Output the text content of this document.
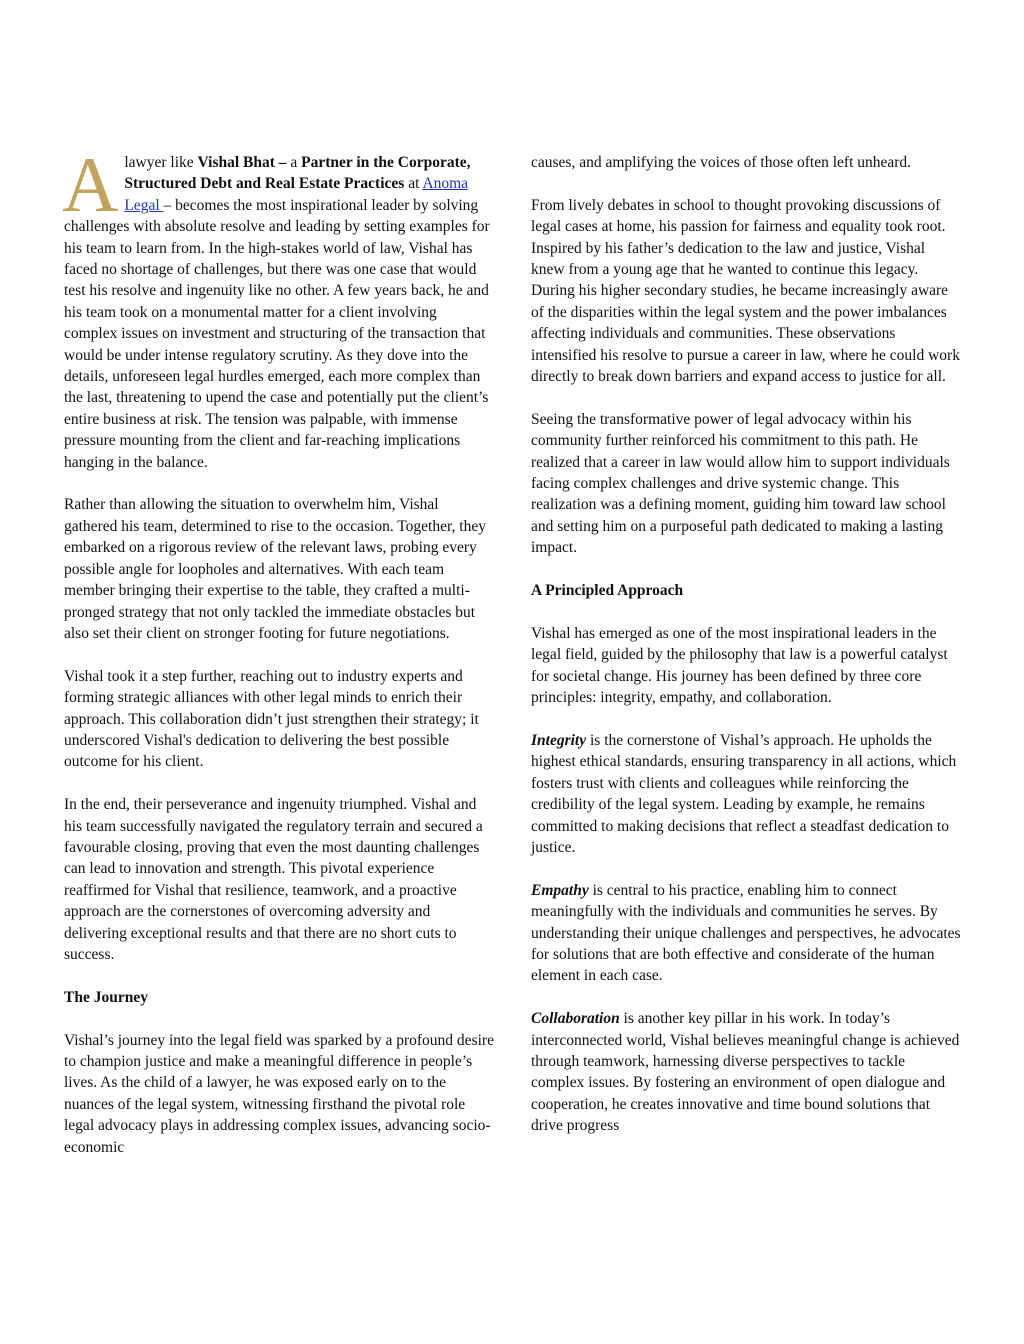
Alawyer like Vishal Bhat – a Partner in the Corporate, Structured Debt and Real Estate Practices at Anoma Legal – becomes the most inspirational leader by solving challenges with absolute resolve and leading by setting examples for his team to learn from. In the high-stakes world of law, Vishal has faced no shortage of challenges, but there was one case that would test his resolve and ingenuity like no other. A few years back, he and his team took on a monumental matter for a client involving complex issues on investment and structuring of the transaction that would be under intense regulatory scrutiny. As they dove into the details, unforeseen legal hurdles emerged, each more complex than the last, threatening to upend the case and potentially put the client’s entire business at risk. The tension was palpable, with immense pressure mounting from the client and far-reaching implications hanging in the balance.

Rather than allowing the situation to overwhelm him, Vishal gathered his team, determined to rise to the occasion. Together, they embarked on a rigorous review of the relevant laws, probing every possible angle for loopholes and alternatives. With each team member bringing their expertise to the table, they crafted a multi-pronged strategy that not only tackled the immediate obstacles but also set their client on stronger footing for future negotiations.

Vishal took it a step further, reaching out to industry experts and forming strategic alliances with other legal minds to enrich their approach. This collaboration didn’t just strengthen their strategy; it underscored Vishal's dedication to delivering the best possible outcome for his client.

In the end, their perseverance and ingenuity triumphed. Vishal and his team successfully navigated the regulatory terrain and secured a favourable closing, proving that even the most daunting challenges can lead to innovation and strength. This pivotal experience reaffirmed for Vishal that resilience, teamwork, and a proactive approach are the cornerstones of overcoming adversity and delivering exceptional results and that there are no short cuts to success.

The Journey

Vishal’s journey into the legal field was sparked by a profound desire to champion justice and make a meaningful difference in people’s lives. As the child of a lawyer, he was exposed early on to the nuances of the legal system, witnessing firsthand the pivotal role legal advocacy plays in addressing complex issues, advancing socio-economic

causes, and amplifying the voices of those often left unheard.

From lively debates in school to thought provoking discussions of legal cases at home, his passion for fairness and equality took root. Inspired by his father’s dedication to the law and justice, Vishal knew from a young age that he wanted to continue this legacy. During his higher secondary studies, he became increasingly aware of the disparities within the legal system and the power imbalances affecting individuals and communities. These observations intensified his resolve to pursue a career in law, where he could work directly to break down barriers and expand access to justice for all.

Seeing the transformative power of legal advocacy within his community further reinforced his commitment to this path. He realized that a career in law would allow him to support individuals facing complex challenges and drive systemic change. This realization was a defining moment, guiding him toward law school and setting him on a purposeful path dedicated to making a lasting impact.

A Principled Approach

Vishal has emerged as one of the most inspirational leaders in the legal field, guided by the philosophy that law is a powerful catalyst for societal change. His journey has been defined by three core principles: integrity, empathy, and collaboration.

Integrity is the cornerstone of Vishal’s approach. He upholds the highest ethical standards, ensuring transparency in all actions, which fosters trust with clients and colleagues while reinforcing the credibility of the legal system. Leading by example, he remains committed to making decisions that reflect a steadfast dedication to justice.

Empathy is central to his practice, enabling him to connect meaningfully with the individuals and communities he serves. By understanding their unique challenges and perspectives, he advocates for solutions that are both effective and considerate of the human element in each case.

Collaboration is another key pillar in his work. In today’s interconnected world, Vishal believes meaningful change is achieved through teamwork, harnessing diverse perspectives to tackle complex issues. By fostering an environment of open dialogue and cooperation, he creates innovative and time bound solutions that drive progress
